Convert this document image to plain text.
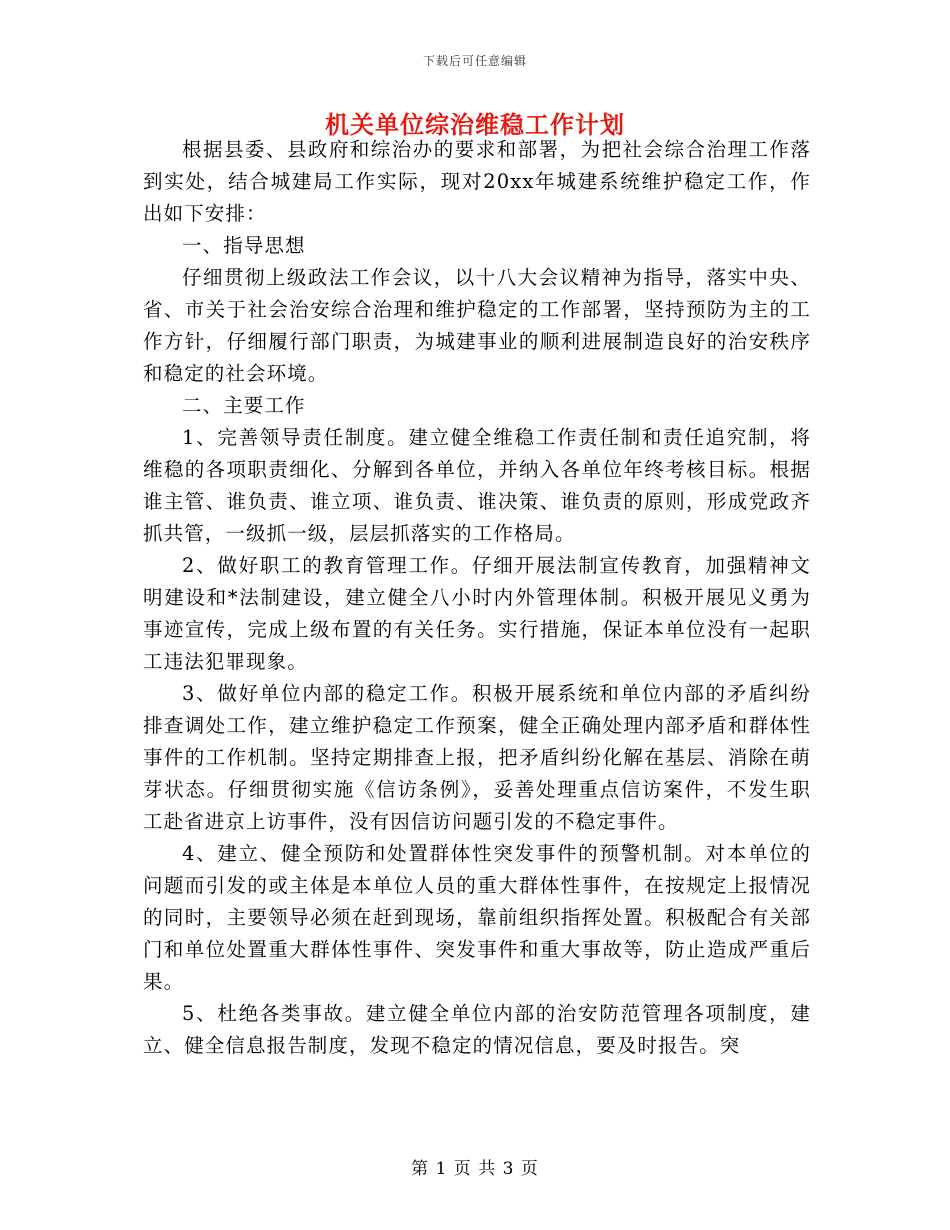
下载后可任意编辑
机关单位综治维稳工作计划

根据县委、县政府和综治办的要求和部署，为把社会综合治理工作落到实处，结合城建局工作实际，现对20xx年城建系统维护稳定工作，作出如下安排：

一、指导思想

仔细贯彻上级政法工作会议，以十八大会议精神为指导，落实中央、省、市关于社会治安综合治理和维护稳定的工作部署，坚持预防为主的工作方针，仔细履行部门职责，为城建事业的顺利进展制造良好的治安秩序和稳定的社会环境。

二、主要工作

1、完善领导责任制度。建立健全维稳工作责任制和责任追究制，将维稳的各项职责细化、分解到各单位，并纳入各单位年终考核目标。根据谁主管、谁负责、谁立项、谁负责、谁决策、谁负责的原则，形成党政齐抓共管，一级抓一级，层层抓落实的工作格局。

2、做好职工的教育管理工作。仔细开展法制宣传教育，加强精神文明建设和*法制建设，建立健全八小时内外管理体制。积极开展见义勇为事迹宣传，完成上级布置的有关任务。实行措施，保证本单位没有一起职工违法犯罪现象。

3、做好单位内部的稳定工作。积极开展系统和单位内部的矛盾纠纷排查调处工作，建立维护稳定工作预案，健全正确处理内部矛盾和群体性事件的工作机制。坚持定期排查上报，把矛盾纠纷化解在基层、消除在萌芽状态。仔细贯彻实施《信访条例》，妥善处理重点信访案件，不发生职工赴省进京上访事件，没有因信访问题引发的不稳定事件。

4、建立、健全预防和处置群体性突发事件的预警机制。对本单位的问题而引发的或主体是本单位人员的重大群体性事件，在按规定上报情况的同时，主要领导必须在赶到现场，靠前组织指挥处置。积极配合有关部门和单位处置重大群体性事件、突发事件和重大事故等，防止造成严重后果。

5、杜绝各类事故。建立健全单位内部的治安防范管理各项制度，建立、健全信息报告制度，发现不稳定的情况信息，要及时报告。突

第 1 页 共 3 页
